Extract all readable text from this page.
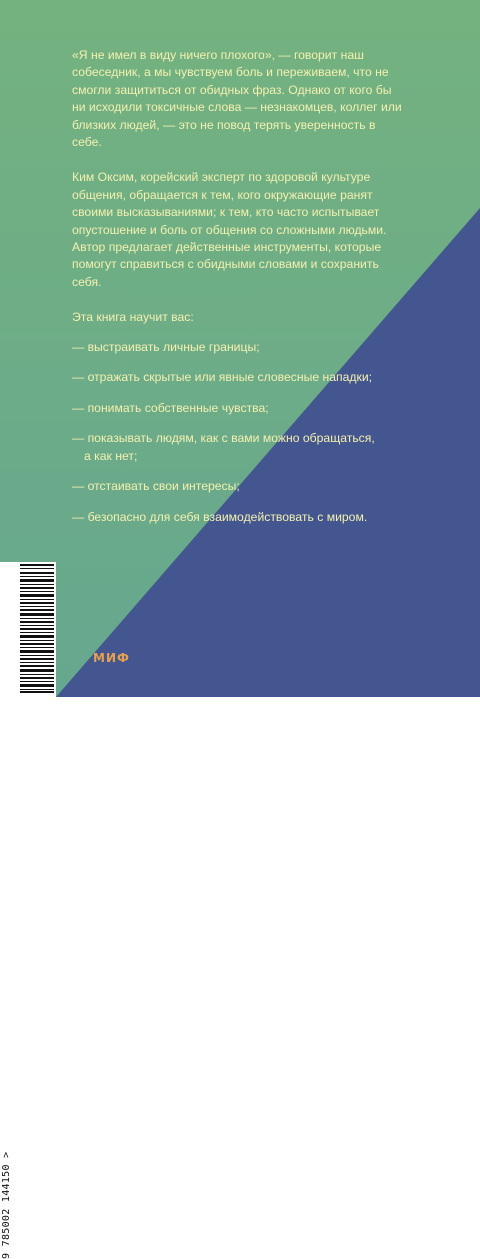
«Я не имел в виду ничего плохого», — говорит наш собеседник, а мы чувствуем боль и переживаем, что не смогли защититься от обидных фраз. Однако от кого бы ни исходили токсичные слова — незнакомцев, коллег или близких людей, — это не повод терять уверенность в себе.

Ким Оксим, корейский эксперт по здоровой культуре общения, обращается к тем, кого окружающие ранят своими высказываниями; к тем, кто часто испытывает опустошение и боль от общения со сложными людьми. Автор предлагает действенные инструменты, которые помогут справиться с обидными словами и сохранить себя.

Эта книга научит вас:

— выстраивать личные границы;
— отражать скрытые или явные словесные нападки;
— понимать собственные чувства;
— показывать людям, как с вами можно обращаться,
а как нет;
— отстаивать свои интересы;
— безопасно для себя взаимодействовать с миром.
9 785002 144150 >
МИФ
